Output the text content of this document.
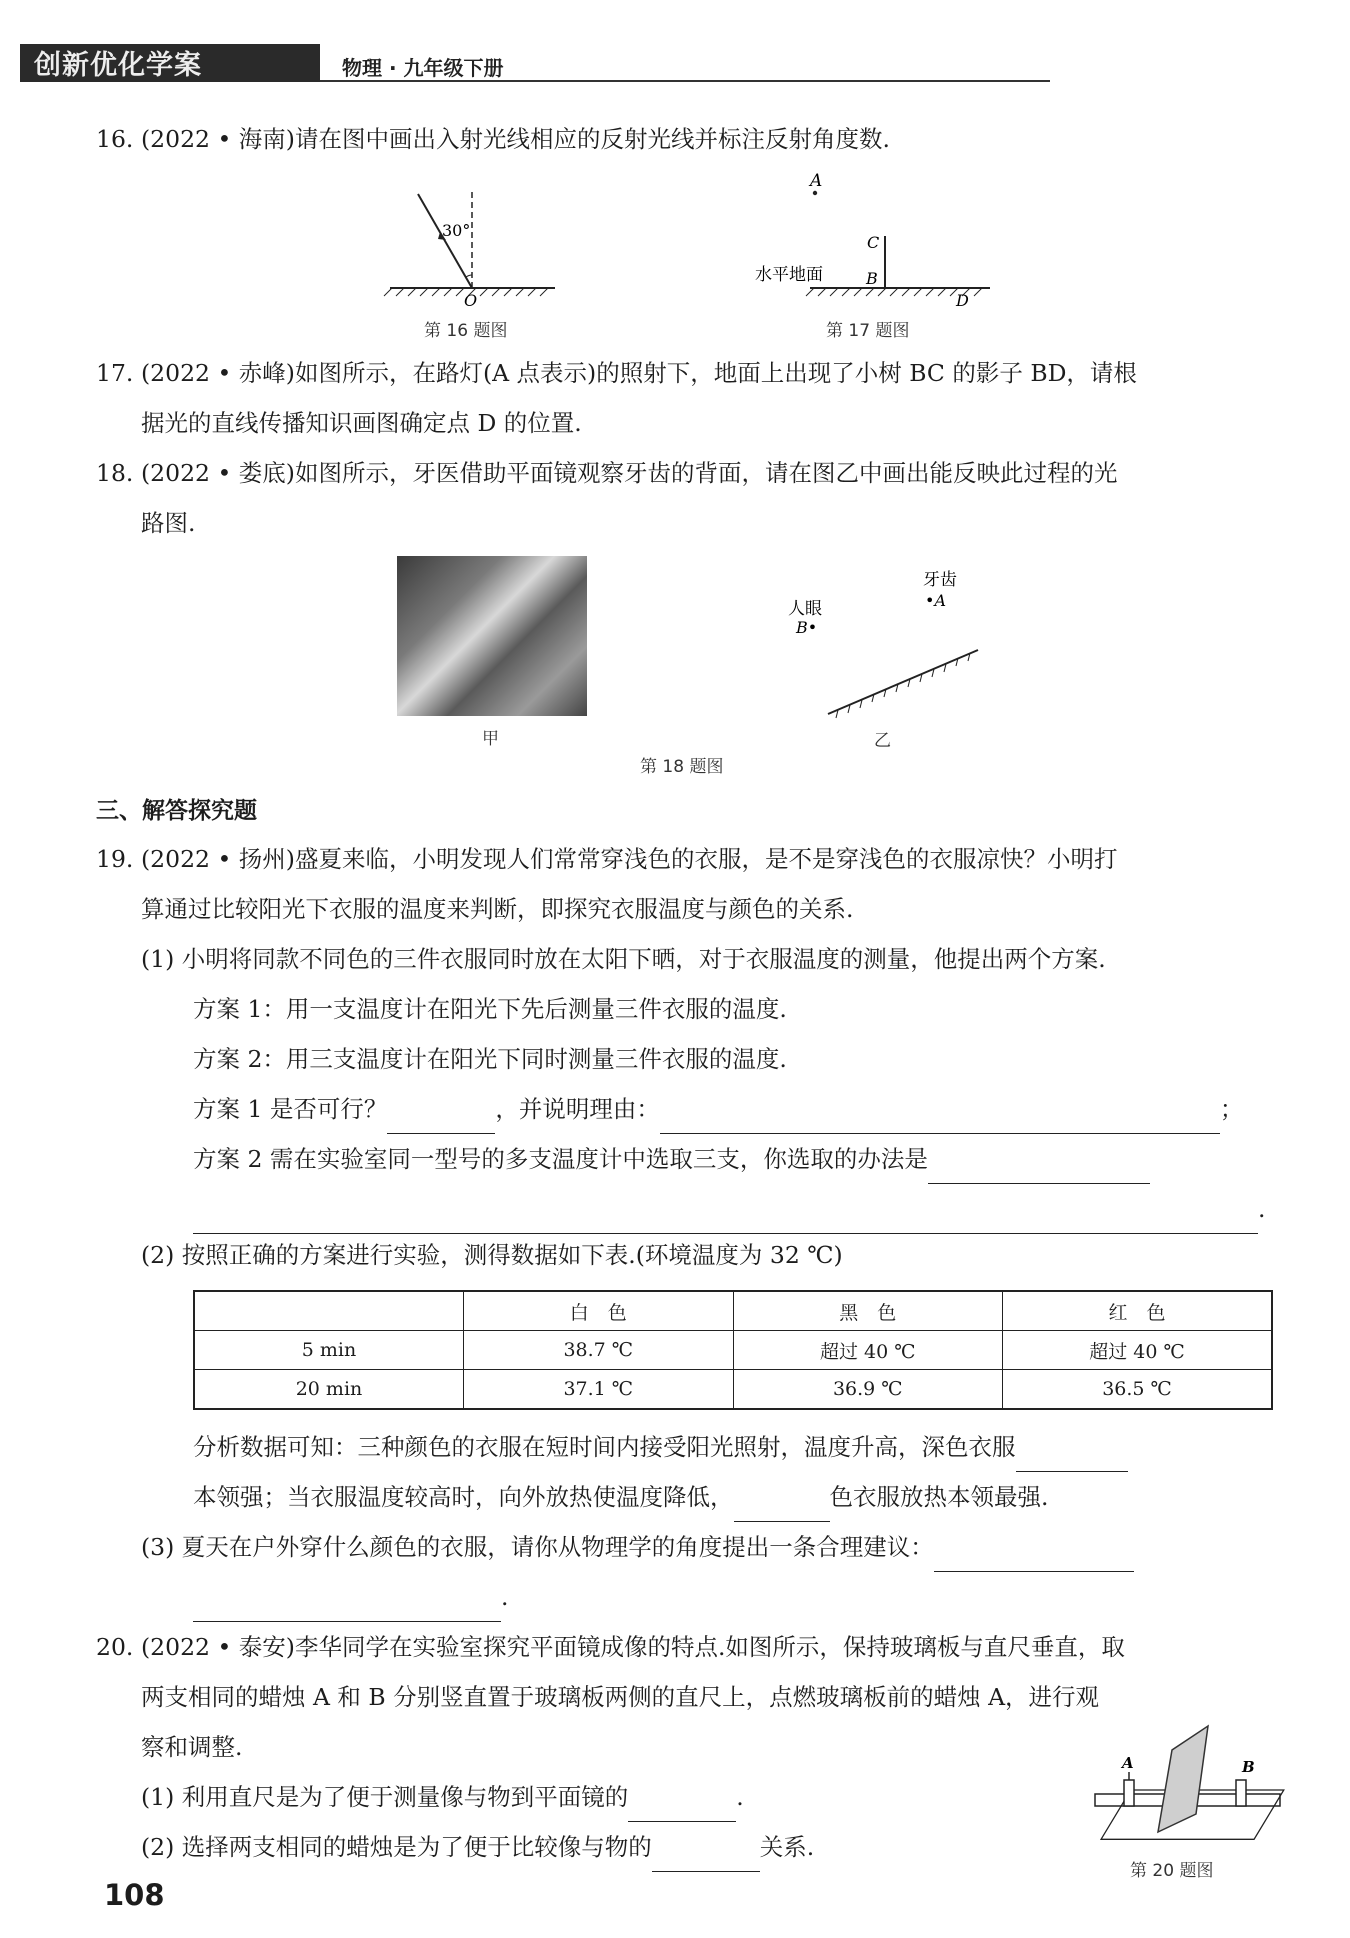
创新优化学案	物理 · 九年级下册
16. (2022 • 海南)请在图中画出入射光线相应的反射光线并标注反射角度数.
30°
O
第 16 题图
A
C
B
D
水平地面
第 17 题图
17. (2022 • 赤峰)如图所示，在路灯(A 点表示)的照射下，地面上出现了小树 BC 的影子 BD，请根
据光的直线传播知识画图确定点 D 的位置.
18. (2022 • 娄底)如图所示，牙医借助平面镜观察牙齿的背面，请在图乙中画出能反映此过程的光
路图.
甲
牙齿
•A
人眼
B•
乙
第 18 题图
三、解答探究题
19. (2022 • 扬州)盛夏来临，小明发现人们常常穿浅色的衣服，是不是穿浅色的衣服凉快？小明打
算通过比较阳光下衣服的温度来判断，即探究衣服温度与颜色的关系.
(1) 小明将同款不同色的三件衣服同时放在太阳下晒，对于衣服温度的测量，他提出两个方案.
方案 1：用一支温度计在阳光下先后测量三件衣服的温度.
方案 2：用三支温度计在阳光下同时测量三件衣服的温度.
方案 1 是否可行？	，并说明理由：	；
方案 2 需在实验室同一型号的多支温度计中选取三支，你选取的办法是
.
(2) 按照正确的方案进行实验，测得数据如下表.(环境温度为 32 ℃)
	白　色	黑　色	红　色
5 min	38.7 ℃	超过 40 ℃	超过 40 ℃
20 min	37.1 ℃	36.9 ℃	36.5 ℃
分析数据可知：三种颜色的衣服在短时间内接受阳光照射，温度升高，深色衣服
本领强；当衣服温度较高时，向外放热使温度降低，	色衣服放热本领最强.
(3) 夏天在户外穿什么颜色的衣服，请你从物理学的角度提出一条合理建议：
.
20. (2022 • 泰安)李华同学在实验室探究平面镜成像的特点.如图所示，保持玻璃板与直尺垂直，取
两支相同的蜡烛 A 和 B 分别竖直置于玻璃板两侧的直尺上，点燃玻璃板前的蜡烛 A，进行观
察和调整.
(1) 利用直尺是为了便于测量像与物到平面镜的	.
(2) 选择两支相同的蜡烛是为了便于比较像与物的	关系.
A	B
第 20 题图
108
